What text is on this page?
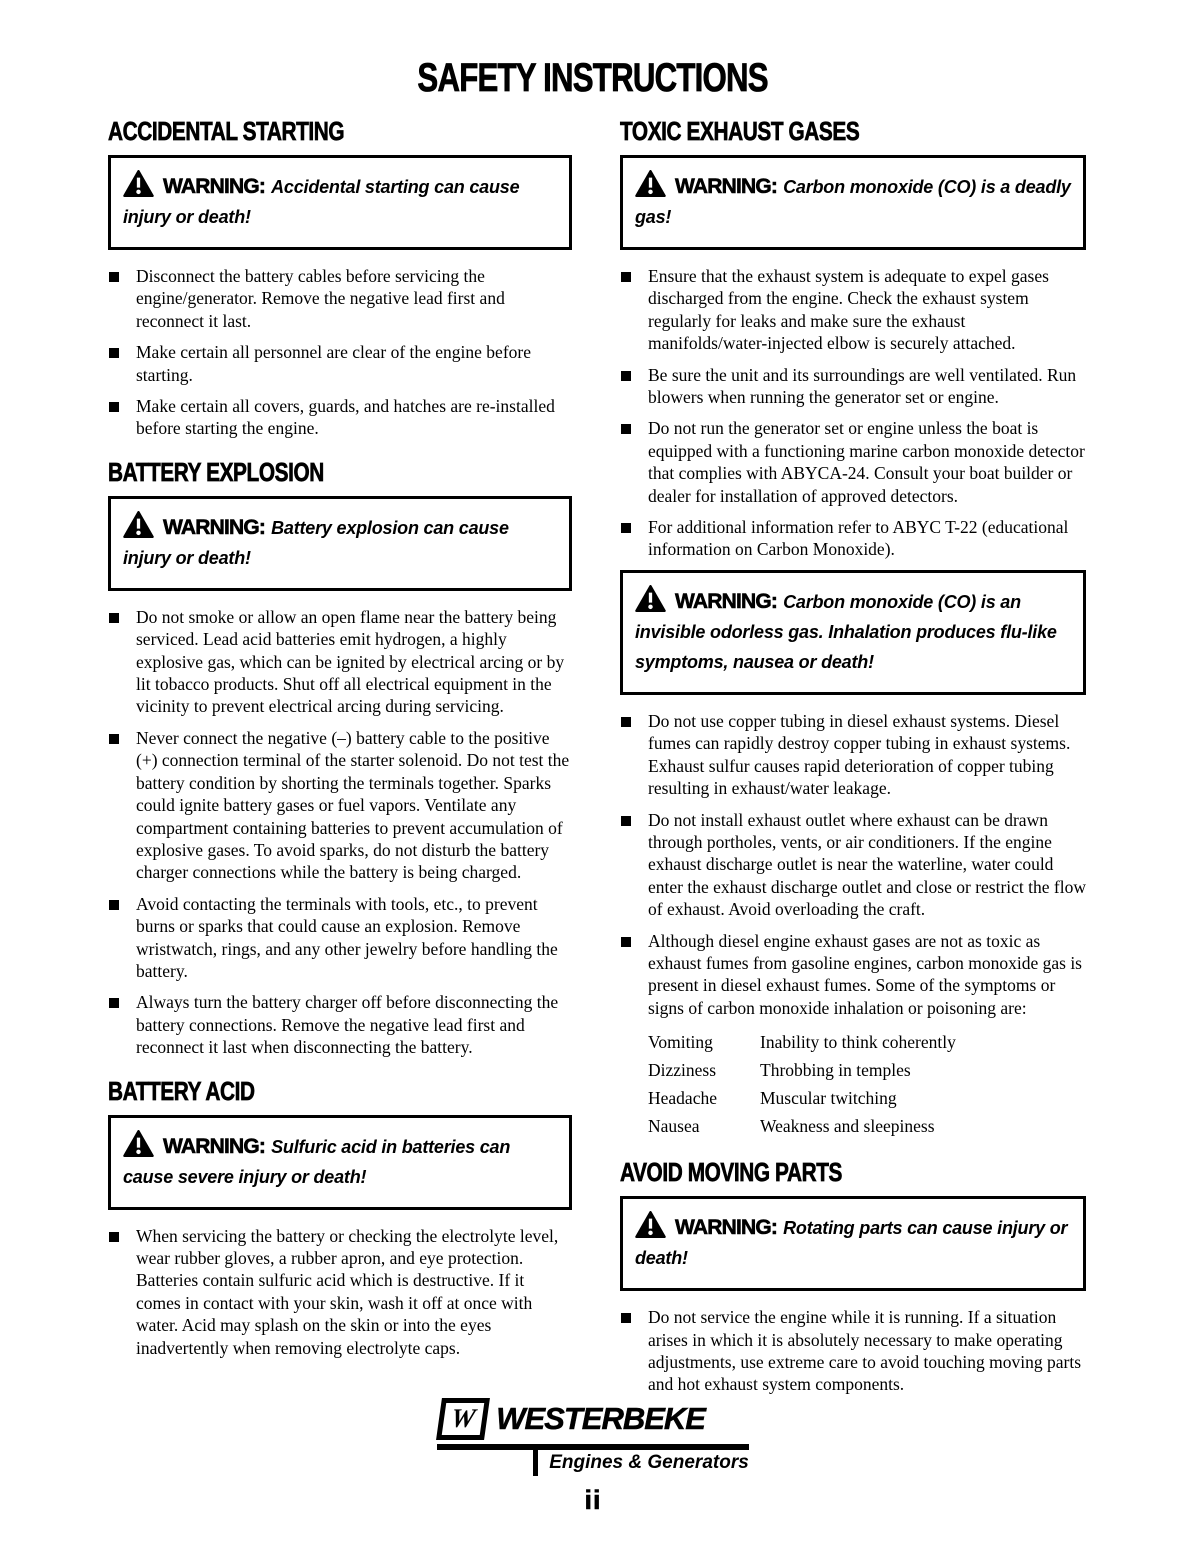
SAFETY INSTRUCTIONS
ACCIDENTAL STARTING
WARNING: Accidental starting can cause injury or death!

Disconnect the battery cables before servicing the engine/generator. Remove the negative lead first and reconnect it last.

Make certain all personnel are clear of the engine before starting.

Make certain all covers, guards, and hatches are re-installed before starting the engine.

BATTERY EXPLOSION
WARNING: Battery explosion can cause injury or death!

Do not smoke or allow an open flame near the battery being serviced. Lead acid batteries emit hydrogen, a highly explosive gas, which can be ignited by electrical arcing or by lit tobacco products. Shut off all electrical equipment in the vicinity to prevent electrical arcing during servicing.

Never connect the negative (–) battery cable to the positive (+) connection terminal of the starter solenoid. Do not test the battery condition by shorting the terminals together. Sparks could ignite battery gases or fuel vapors. Ventilate any compartment containing batteries to prevent accumulation of explosive gases. To avoid sparks, do not disturb the battery charger connections while the battery is being charged.

Avoid contacting the terminals with tools, etc., to prevent burns or sparks that could cause an explosion. Remove wristwatch, rings, and any other jewelry before handling the battery.

Always turn the battery charger off before disconnecting the battery connections. Remove the negative lead first and reconnect it last when disconnecting the battery.

BATTERY ACID
WARNING: Sulfuric acid in batteries can cause severe injury or death!

When servicing the battery or checking the electrolyte level, wear rubber gloves, a rubber apron, and eye protection. Batteries contain sulfuric acid which is destructive. If it comes in contact with your skin, wash it off at once with water. Acid may splash on the skin or into the eyes inadvertently when removing electrolyte caps.

TOXIC EXHAUST GASES
WARNING: Carbon monoxide (CO) is a deadly gas!

Ensure that the exhaust system is adequate to expel gases discharged from the engine. Check the exhaust system regularly for leaks and make sure the exhaust manifolds/water-injected elbow is securely attached.

Be sure the unit and its surroundings are well ventilated. Run blowers when running the generator set or engine.

Do not run the generator set or engine unless the boat is equipped with a functioning marine carbon monoxide detector that complies with ABYCA-24. Consult your boat builder or dealer for installation of approved detectors.

For additional information refer to ABYC T-22 (educational information on Carbon Monoxide).

WARNING: Carbon monoxide (CO) is an invisible odorless gas. Inhalation produces flu-like symptoms, nausea or death!

Do not use copper tubing in diesel exhaust systems. Diesel fumes can rapidly destroy copper tubing in exhaust systems. Exhaust sulfur causes rapid deterioration of copper tubing resulting in exhaust/water leakage.

Do not install exhaust outlet where exhaust can be drawn through portholes, vents, or air conditioners. If the engine exhaust discharge outlet is near the waterline, water could enter the exhaust discharge outlet and close or restrict the flow of exhaust. Avoid overloading the craft.

Although diesel engine exhaust gases are not as toxic as exhaust fumes from gasoline engines, carbon monoxide gas is present in diesel exhaust fumes. Some of the symptoms or signs of carbon monoxide inhalation or poisoning are:

Vomiting	Inability to think coherently
Dizziness	Throbbing in temples
Headache	Muscular twitching
Nausea	Weakness and sleepiness
AVOID MOVING PARTS
WARNING: Rotating parts can cause injury or death!

Do not service the engine while it is running. If a situation arises in which it is absolutely necessary to make operating adjustments, use extreme care to avoid touching moving parts and hot exhaust system components.

W WESTERBEKE
Engines & Generators
ii
